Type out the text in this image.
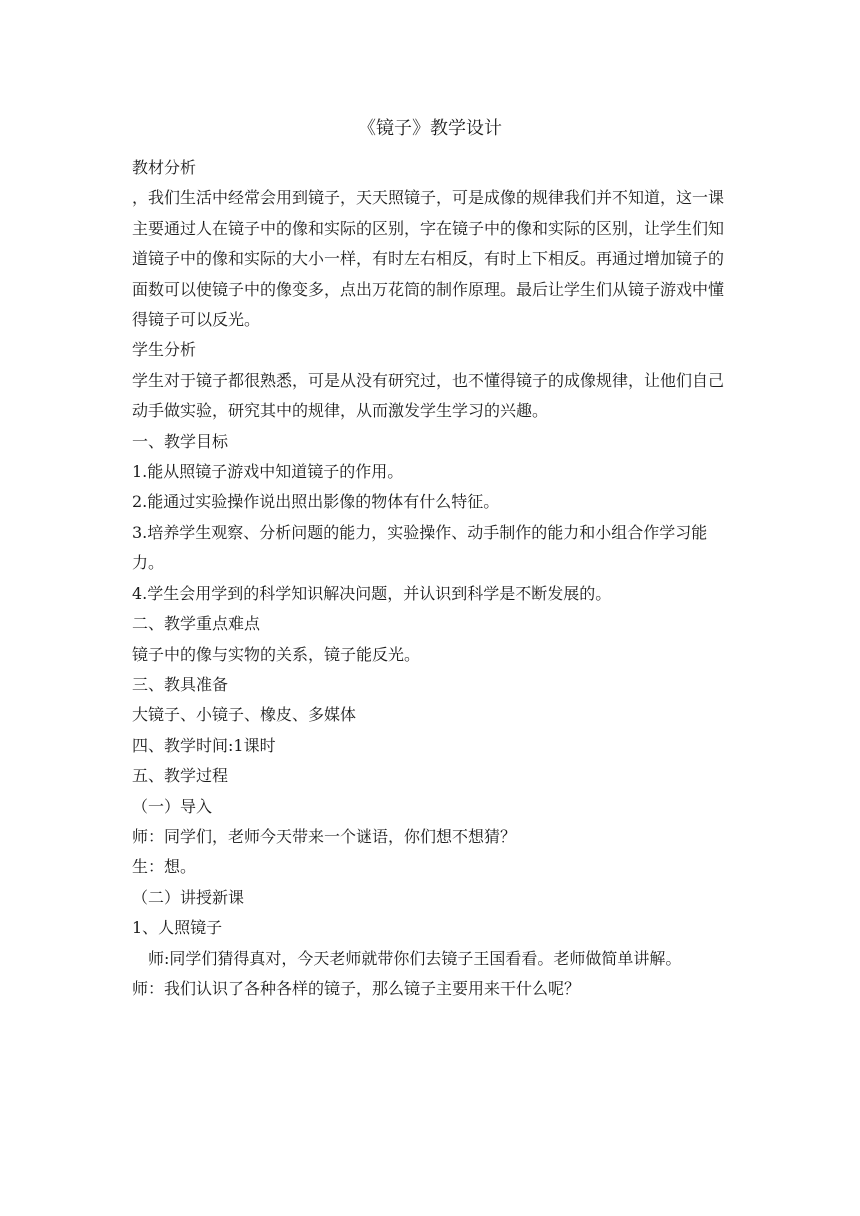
《镜子》教学设计

教材分析

，我们生活中经常会用到镜子，天天照镜子，可是成像的规律我们并不知道，这一课主要通过人在镜子中的像和实际的区别，字在镜子中的像和实际的区别，让学生们知道镜子中的像和实际的大小一样，有时左右相反，有时上下相反。再通过增加镜子的面数可以使镜子中的像变多，点出万花筒的制作原理。最后让学生们从镜子游戏中懂得镜子可以反光。

学生分析

学生对于镜子都很熟悉，可是从没有研究过，也不懂得镜子的成像规律，让他们自己动手做实验，研究其中的规律，从而激发学生学习的兴趣。

一、教学目标

1.能从照镜子游戏中知道镜子的作用。

2.能通过实验操作说出照出影像的物体有什么特征。

3.培养学生观察、分析问题的能力，实验操作、动手制作的能力和小组合作学习能力。

4.学生会用学到的科学知识解决问题，并认识到科学是不断发展的。

二、教学重点难点

镜子中的像与实物的关系，镜子能反光。

三、教具准备

大镜子、小镜子、橡皮、多媒体

四、教学时间:1课时

五、教学过程

（一）导入

师：同学们，老师今天带来一个谜语，你们想不想猜？

生：想。

（二）讲授新课

1、人照镜子

师:同学们猜得真对，今天老师就带你们去镜子王国看看。老师做简单讲解。

师：我们认识了各种各样的镜子，那么镜子主要用来干什么呢？
